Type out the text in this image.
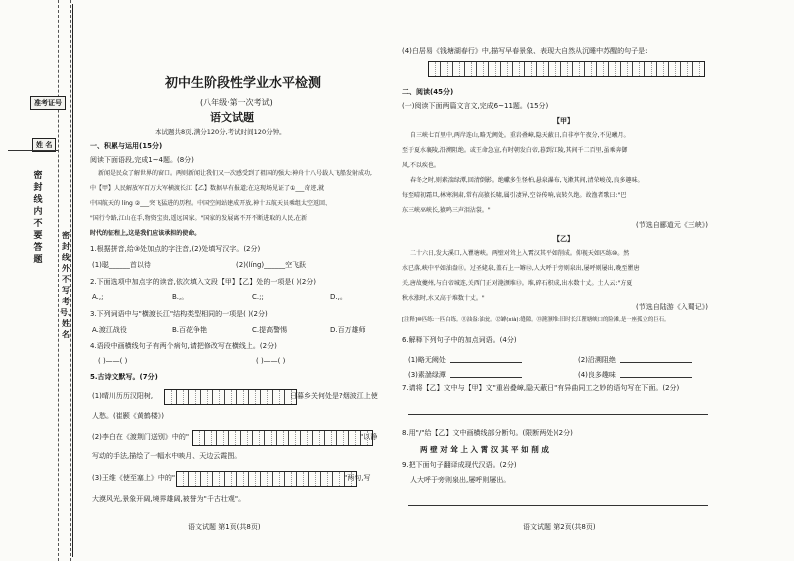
准考证号
姓 名
密封线内不要答题
密封线外不写考号、姓名
初中生阶段性学业水平检测
(八年级·第一次考试)
语文试题
本试题共8页,满分120分,考试时间120分钟。
一、积累与运用(15分)
阅读下面语段,完成1~4题。(8分)
新闻是民众了解世界的窗口。两则新闻让我们又一次感受到了祖国的强大:神舟十八号载人飞船发射成功,
中【甲】人民解放军百万大军横渡长江【乙】数据早有报道;在这现场见证了①___奇迹,就
中国航天的 líng ②___突飞猛进的历程。中国空间站建成开放,神十五航天员乘组太空返回、
"国行令路,江山在手,物资宝贵,遥远国家。"国家的发展离不开不断进取的人民,在新
时代的征程上,这是我们应该承担的使命。
1.根据拼音,给③处加点的字注音,(2)处填写汉字。(2分)
(1)聪______首以待	(2)(líng)______空飞跃
2.下面选项中加点字的读音,依次填入文段【甲】【乙】处的一项是( )(2分)
A.,;	B.,。	C.;;	D.,。
3.下列词语中与"横渡长江"结构类型相同的一项是( )(2分)
A.渡江战役	B.百花争艳	C.提高警惕	D.百万雄师
4.语段中画横线句子有两个病句,请把修改写在横线上。(2分)
( )——( )	( )——( )
5.古诗文默写。(7分)
(1)晴川历历汉阳树,	日暮乡关何处是?烟波江上使
人愁。(崔颢《黄鹤楼》)
(2)李白在《渡荆门送别》中的"	"以静
写动的手法,描绘了一幅水中映月、天边云霞图。
(3)王维《使至塞上》中的"	"两句,写
大漠风光,景象开阔,境界雄阔,被誉为"千古壮观"。
语文试题 第1页(共8页)
(4)白居易《钱塘湖春行》中,描写早春景象、表现大自然从沉睡中苏醒的句子是:
二、阅读(45分)
(一)阅读下面两篇文言文,完成6~11题。(15分)
【甲】
自三峡七百里中,两岸连山,略无阙处。重岩叠嶂,隐天蔽日,自非亭午夜分,不见曦月。
至于夏水襄陵,沿溯阻绝。或王命急宣,有时朝发白帝,暮到江陵,其间千二百里,虽乘奔御
风,不以疾也。
春冬之时,则素湍绿潭,回清倒影。绝巘多生怪柏,悬泉瀑布,飞漱其间,清荣峻茂,良多趣味。
每至晴初霜旦,林寒涧肃,常有高猿长啸,属引凄异,空谷传响,哀转久绝。故渔者歌曰:"巴
东三峡巫峡长,猿鸣三声泪沾裳。"
(节选自郦道元《三峡》)
【乙】
二十六日,发大溪口,入瞿塘峡。两壁对耸上入霄汉其平如削成。仰视天如匹练⑩。然
水已落,峡中平如油盎⑪。过圣姥泉,盖石上一罅⑫,人大呼于旁则泉出,屡呼则屡出,晚至瞿唐
关,唐故夔州,与白帝城连,关西门正对滟滪堆⑬。堆,碎石积成,出水数十丈。土人云:"方夏
秋水涨时,水又高于堆数十丈。"
(节选自陆游《入蜀记》)
[注释]⑩匹练:一匹白练。⑪油盎:油瓮。⑫罅(xià):缝隙。⑬滟滪堆:旧时长江瞿塘峡口的险滩,是一座孤立的巨石。
6.解释下列句子中的加点词语。(4分)
(1)略无阙处	(2)沿溯阻绝
(3)素湍绿潭	(4)良多趣味
7.请将【乙】文中与【甲】文"重岩叠嶂,隐天蔽日"有异曲同工之妙的语句写在下面。(2分)
8.用"/"给【乙】文中画横线部分断句。(限断两处)(2分)
两 壁 对 耸 上 入 霄 汉 其 平 如 削 成
9.把下面句子翻译成现代汉语。(2分)
人大呼于旁则泉出,屡呼则屡出。
语文试题 第2页(共8页)
